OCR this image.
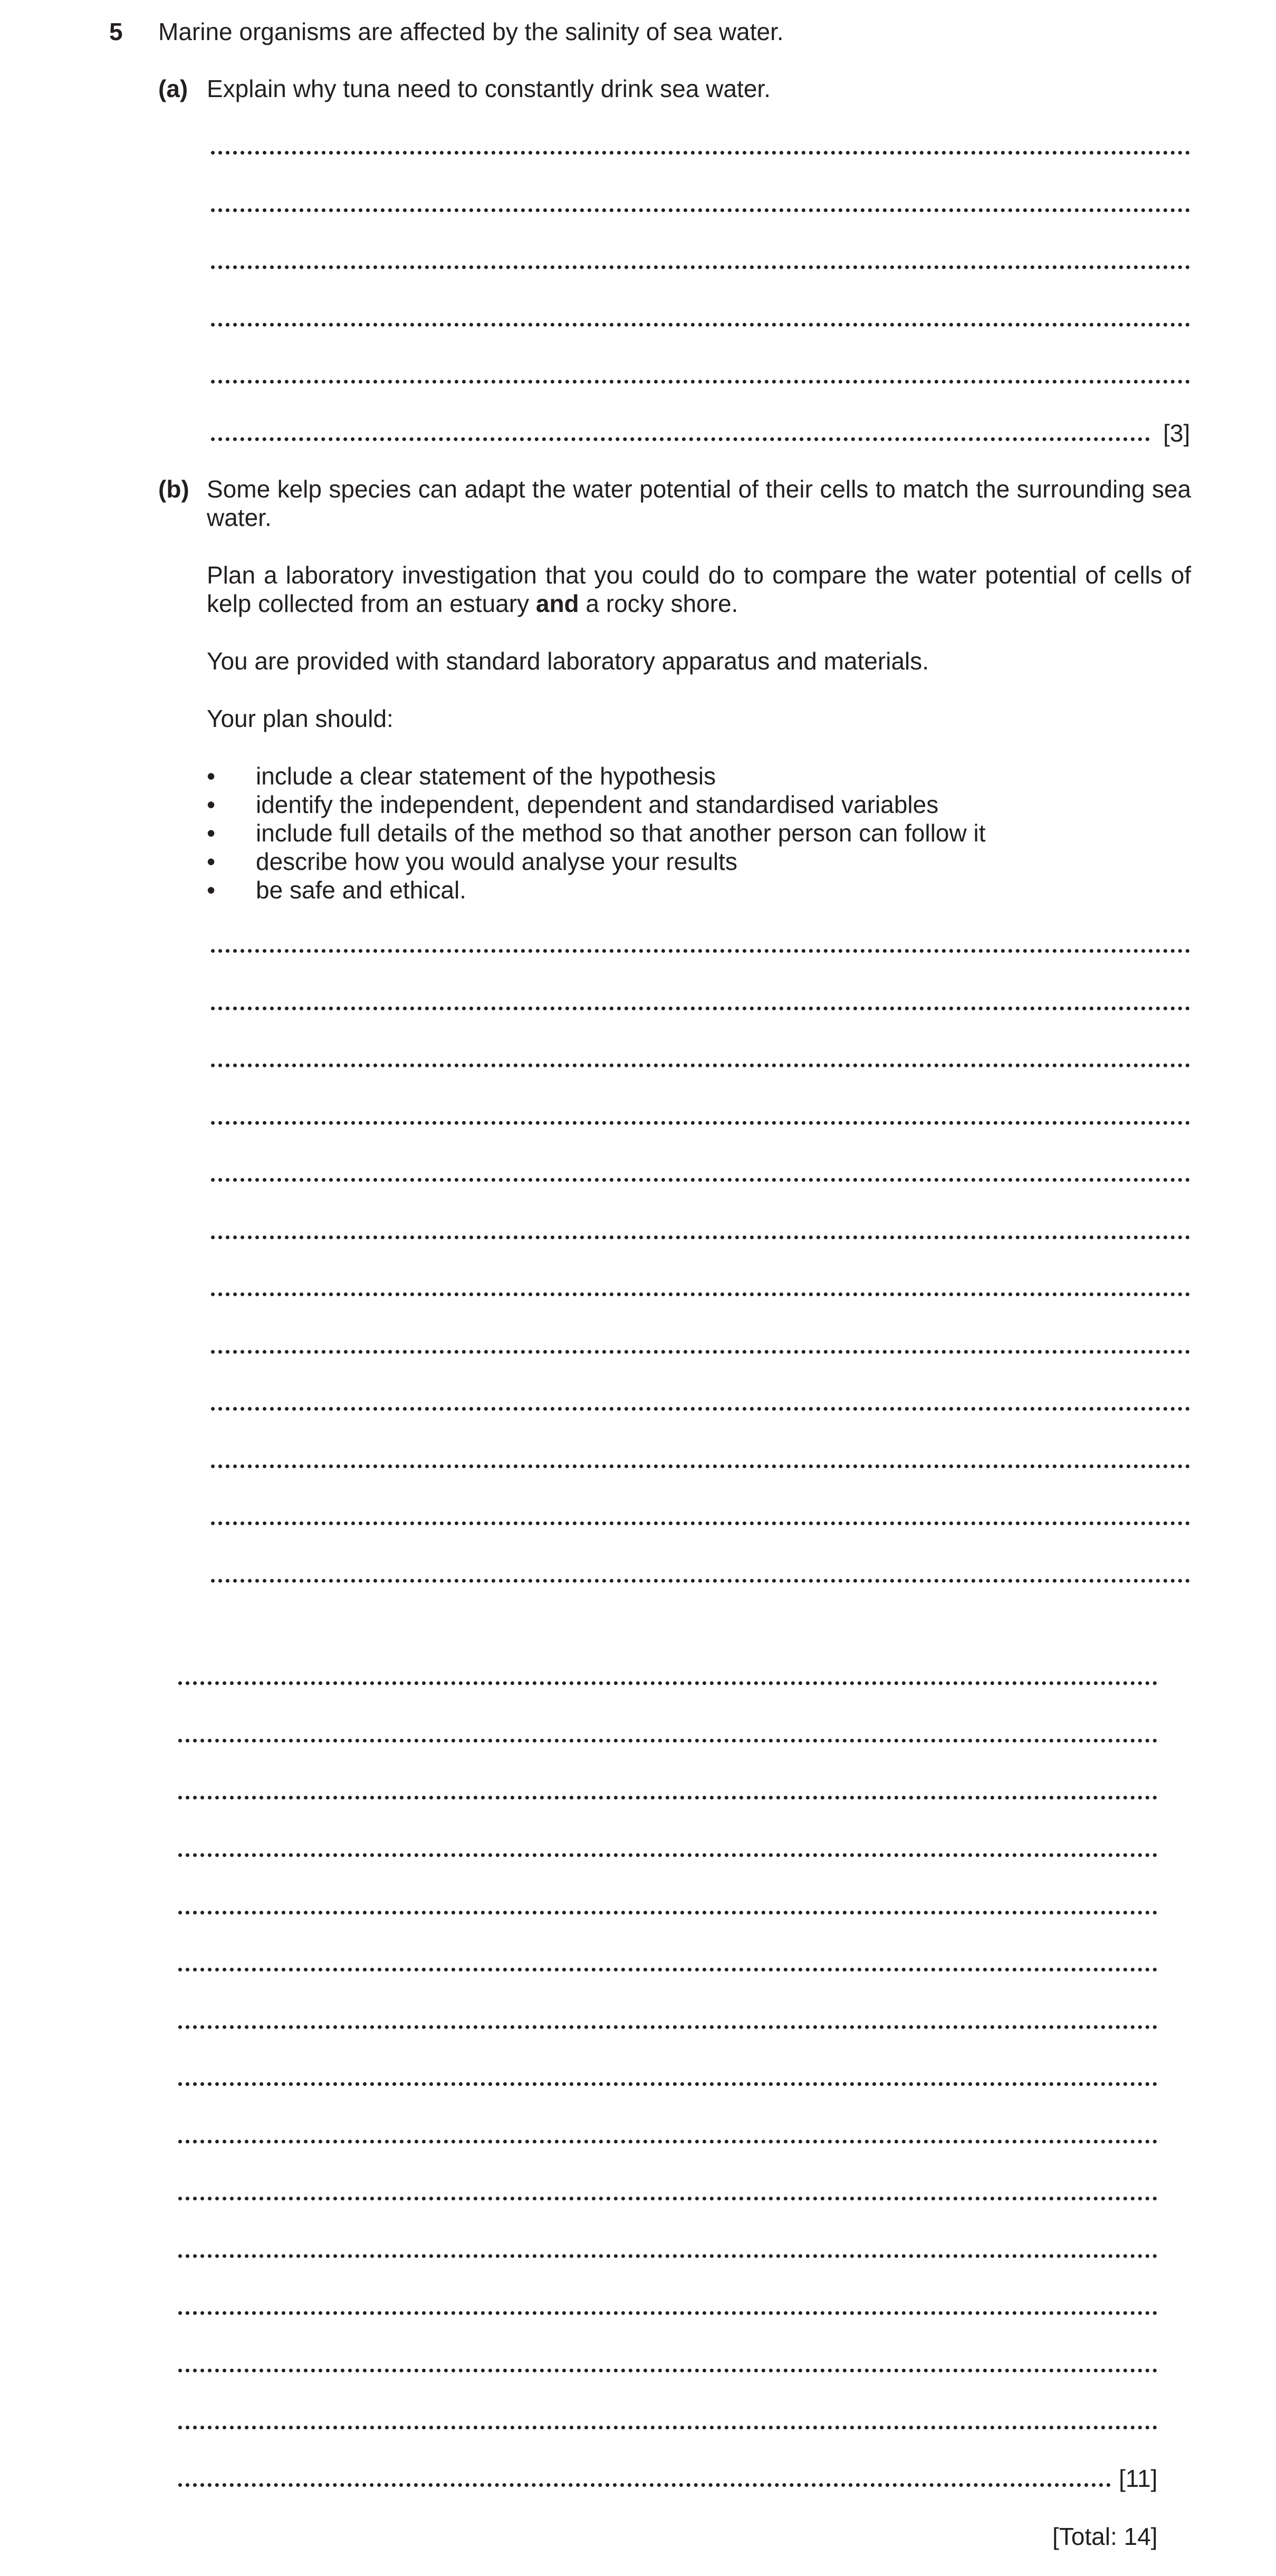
5 Marine organisms are affected by the salinity of sea water.
(a) Explain why tuna need to constantly drink sea water.
[3]
(b) Some kelp species can adapt the water potential of their cells to match the surrounding sea water.
Plan a laboratory investigation that you could do to compare the water potential of cells of kelp collected from an estuary and a rocky shore.
You are provided with standard laboratory apparatus and materials.
Your plan should:
• include a clear statement of the hypothesis
• identify the independent, dependent and standardised variables
• include full details of the method so that another person can follow it
• describe how you would analyse your results
• be safe and ethical.
[11]
[Total: 14]
